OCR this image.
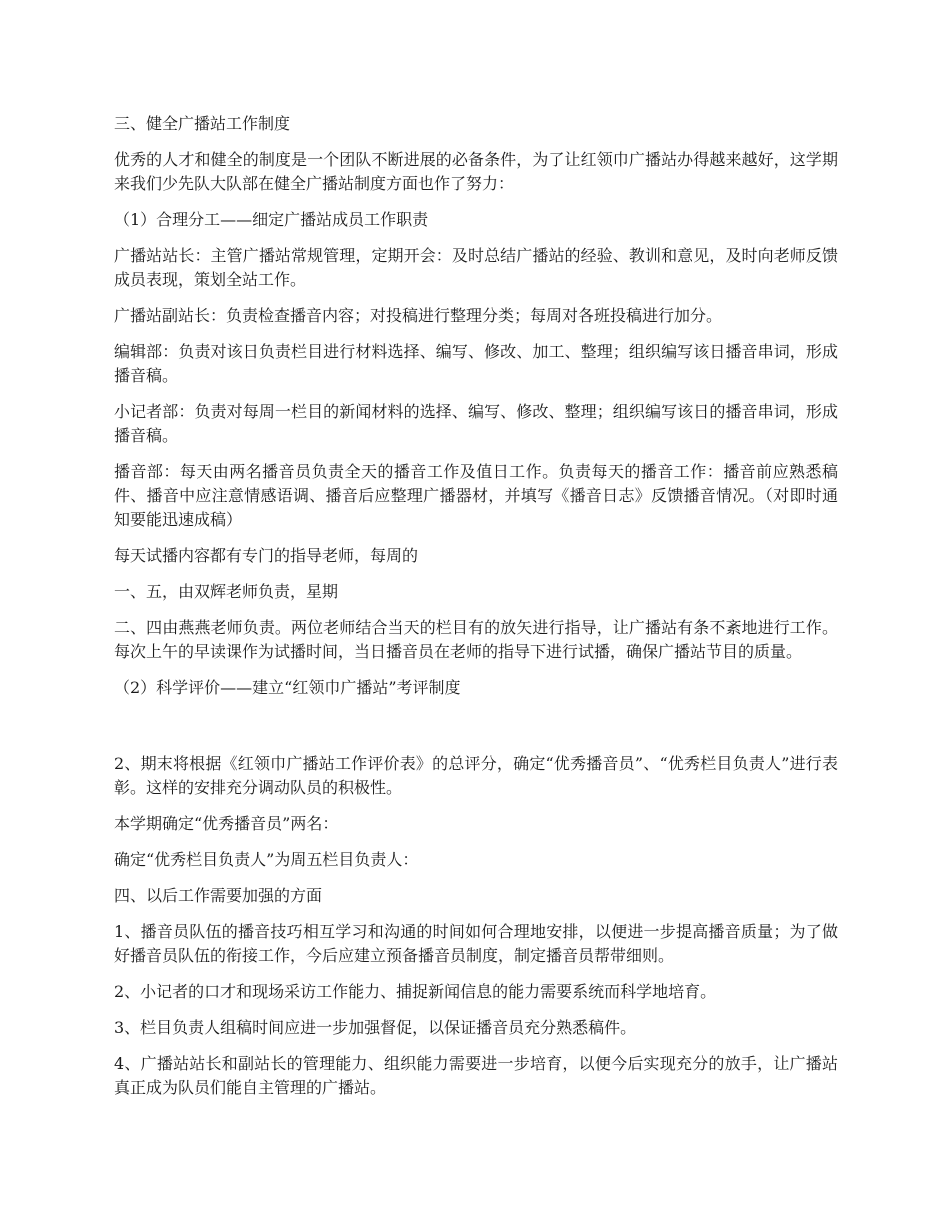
三、健全广播站工作制度

优秀的人才和健全的制度是一个团队不断进展的必备条件，为了让红领巾广播站办得越来越好，这学期来我们少先队大队部在健全广播站制度方面也作了努力：

（1）合理分工——细定广播站成员工作职责

广播站站长：主管广播站常规管理，定期开会：及时总结广播站的经验、教训和意见，及时向老师反馈成员表现，策划全站工作。

广播站副站长：负责检查播音内容；对投稿进行整理分类；每周对各班投稿进行加分。

编辑部：负责对该日负责栏目进行材料选择、编写、修改、加工、整理；组织编写该日播音串词，形成播音稿。

小记者部：负责对每周一栏目的新闻材料的选择、编写、修改、整理；组织编写该日的播音串词，形成播音稿。

播音部：每天由两名播音员负责全天的播音工作及值日工作。负责每天的播音工作：播音前应熟悉稿件、播音中应注意情感语调、播音后应整理广播器材，并填写《播音日志》反馈播音情况。（对即时通知要能迅速成稿）

每天试播内容都有专门的指导老师，每周的

一、五，由双辉老师负责，星期

二、四由燕燕老师负责。两位老师结合当天的栏目有的放矢进行指导，让广播站有条不紊地进行工作。每次上午的早读课作为试播时间，当日播音员在老师的指导下进行试播，确保广播站节目的质量。

（2）科学评价——建立“红领巾广播站”考评制度

2、期末将根据《红领巾广播站工作评价表》的总评分，确定“优秀播音员”、“优秀栏目负责人”进行表彰。这样的安排充分调动队员的积极性。

本学期确定“优秀播音员”两名：

确定“优秀栏目负责人”为周五栏目负责人：

四、以后工作需要加强的方面

1、播音员队伍的播音技巧相互学习和沟通的时间如何合理地安排，以便进一步提高播音质量；为了做好播音员队伍的衔接工作，今后应建立预备播音员制度，制定播音员帮带细则。

2、小记者的口才和现场采访工作能力、捕捉新闻信息的能力需要系统而科学地培育。

3、栏目负责人组稿时间应进一步加强督促，以保证播音员充分熟悉稿件。

4、广播站站长和副站长的管理能力、组织能力需要进一步培育，以便今后实现充分的放手，让广播站真正成为队员们能自主管理的广播站。
